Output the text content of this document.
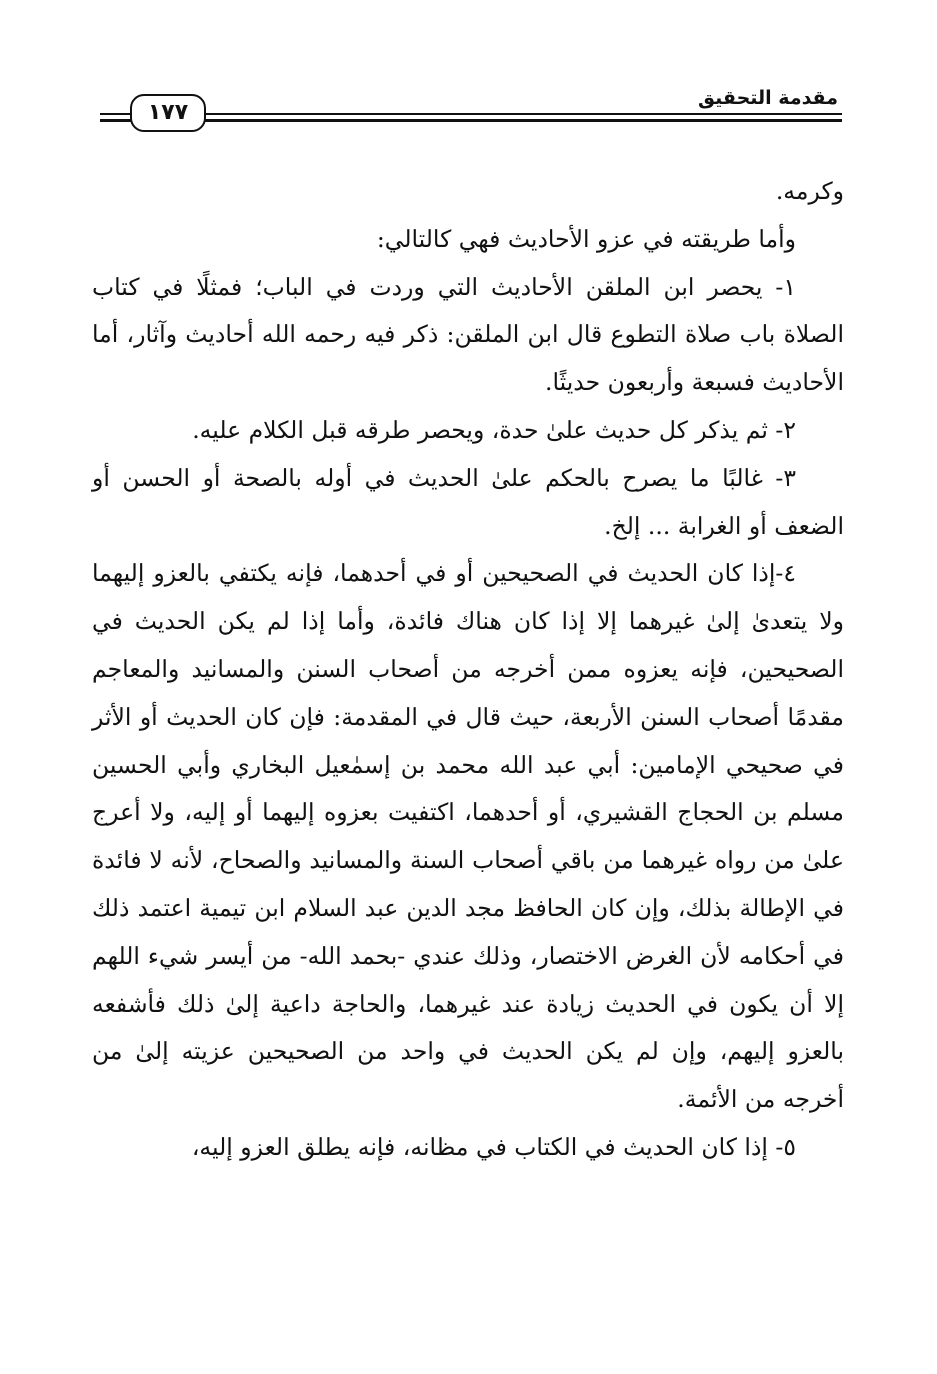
مقدمة التحقيق
١٧٧

وكرمه.

وأما طريقته في عزو الأحاديث فهي كالتالي:

١- يحصر ابن الملقن الأحاديث التي وردت في الباب؛ فمثلًا في كتاب الصلاة باب صلاة التطوع قال ابن الملقن: ذكر فيه رحمه الله أحاديث وآثار، أما الأحاديث فسبعة وأربعون حديثًا.

٢- ثم يذكر كل حديث علىٰ حدة، ويحصر طرقه قبل الكلام عليه.

٣- غالبًا ما يصرح بالحكم علىٰ الحديث في أوله بالصحة أو الحسن أو الضعف أو الغرابة ... إلخ.

٤-إذا كان الحديث في الصحيحين أو في أحدهما، فإنه يكتفي بالعزو إليهما ولا يتعدىٰ إلىٰ غيرهما إلا إذا كان هناك فائدة، وأما إذا لم يكن الحديث في الصحيحين، فإنه يعزوه ممن أخرجه من أصحاب السنن والمسانيد والمعاجم مقدمًا أصحاب السنن الأربعة، حيث قال في المقدمة: فإن كان الحديث أو الأثر في صحيحي الإمامين: أبي عبد الله محمد بن إسمٰعيل البخاري وأبي الحسين مسلم بن الحجاج القشيري، أو أحدهما، اكتفيت بعزوه إليهما أو إليه، ولا أعرج علىٰ من رواه غيرهما من باقي أصحاب السنة والمسانيد والصحاح، لأنه لا فائدة في الإطالة بذلك، وإن كان الحافظ مجد الدين عبد السلام ابن تيمية اعتمد ذلك في أحكامه لأن الغرض الاختصار، وذلك عندي -بحمد الله- من أيسر شيء اللهم إلا أن يكون في الحديث زيادة عند غيرهما، والحاجة داعية إلىٰ ذلك فأشفعه بالعزو إليهم، وإن لم يكن الحديث في واحد من الصحيحين عزيته إلىٰ من أخرجه من الأئمة.

٥- إذا كان الحديث في الكتاب في مظانه، فإنه يطلق العزو إليه،
